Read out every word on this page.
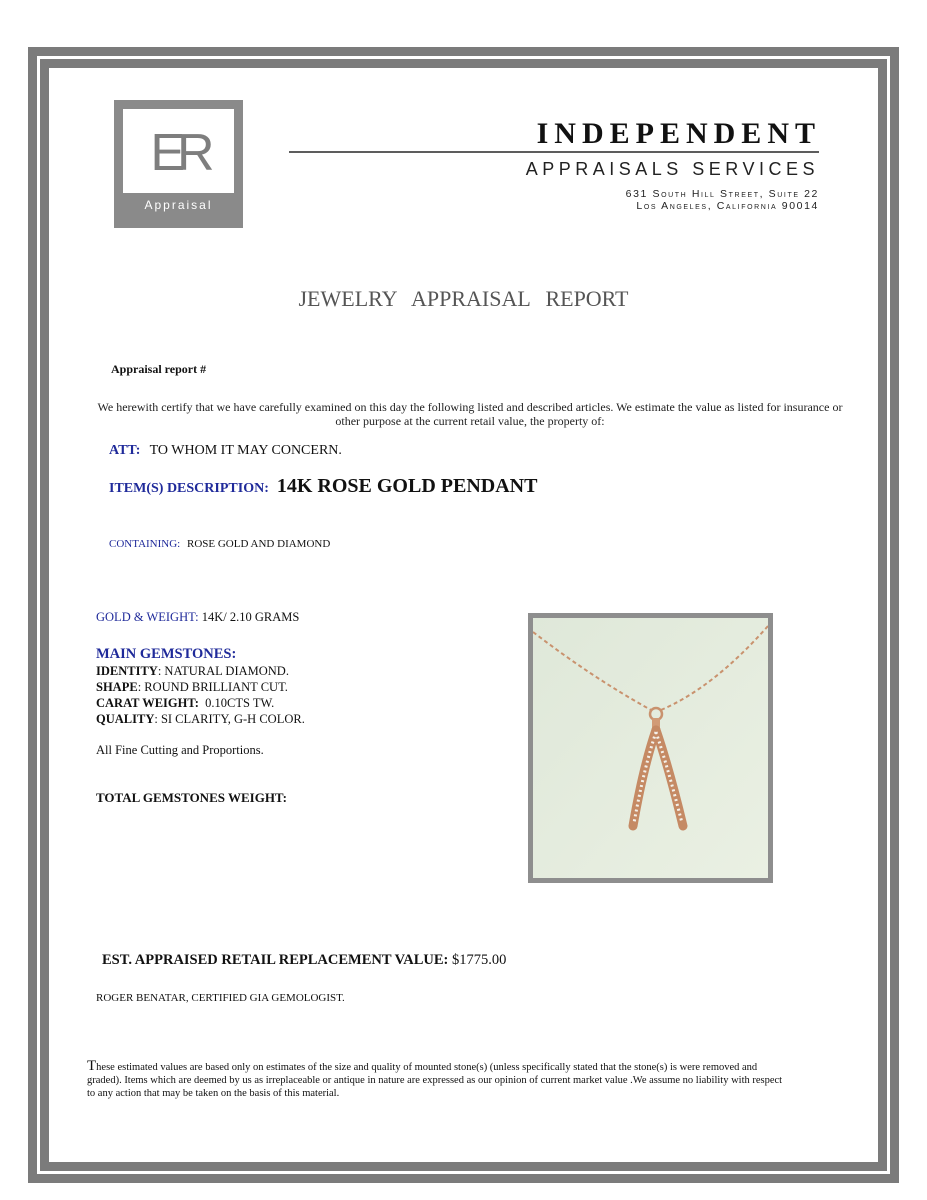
ER
Appraisal
INDEPENDENT
APPRAISALS SERVICES
631 South Hill Street, Suite 22
Los Angeles, California 90014
JEWELRY APPRAISAL REPORT
Appraisal report #
We herewith certify that we have carefully examined on this day the following listed and described articles. We estimate the value as listed for insurance or other purpose at the current retail value, the property of:
ATT: TO WHOM IT MAY CONCERN.
ITEM(S) DESCRIPTION: 14K ROSE GOLD PENDANT
CONTAINING: ROSE GOLD AND DIAMOND
GOLD & WEIGHT: 14K/ 2.10 GRAMS
MAIN GEMSTONES:
IDENTITY: NATURAL DIAMOND.
SHAPE: ROUND BRILLIANT CUT.
CARAT WEIGHT: 0.10CTS TW.
QUALITY: SI CLARITY, G-H COLOR.
All Fine Cutting and Proportions.
TOTAL GEMSTONES WEIGHT:
EST. APPRAISED RETAIL REPLACEMENT VALUE: $1775.00
ROGER BENATAR, CERTIFIED GIA GEMOLOGIST.
These estimated values are based only on estimates of the size and quality of mounted stone(s) (unless specifically stated that the stone(s) is were removed and graded). Items which are deemed by us as irreplaceable or antique in nature are expressed as our opinion of current market value .We assume no liability with respect to any action that may be taken on the basis of this material.
